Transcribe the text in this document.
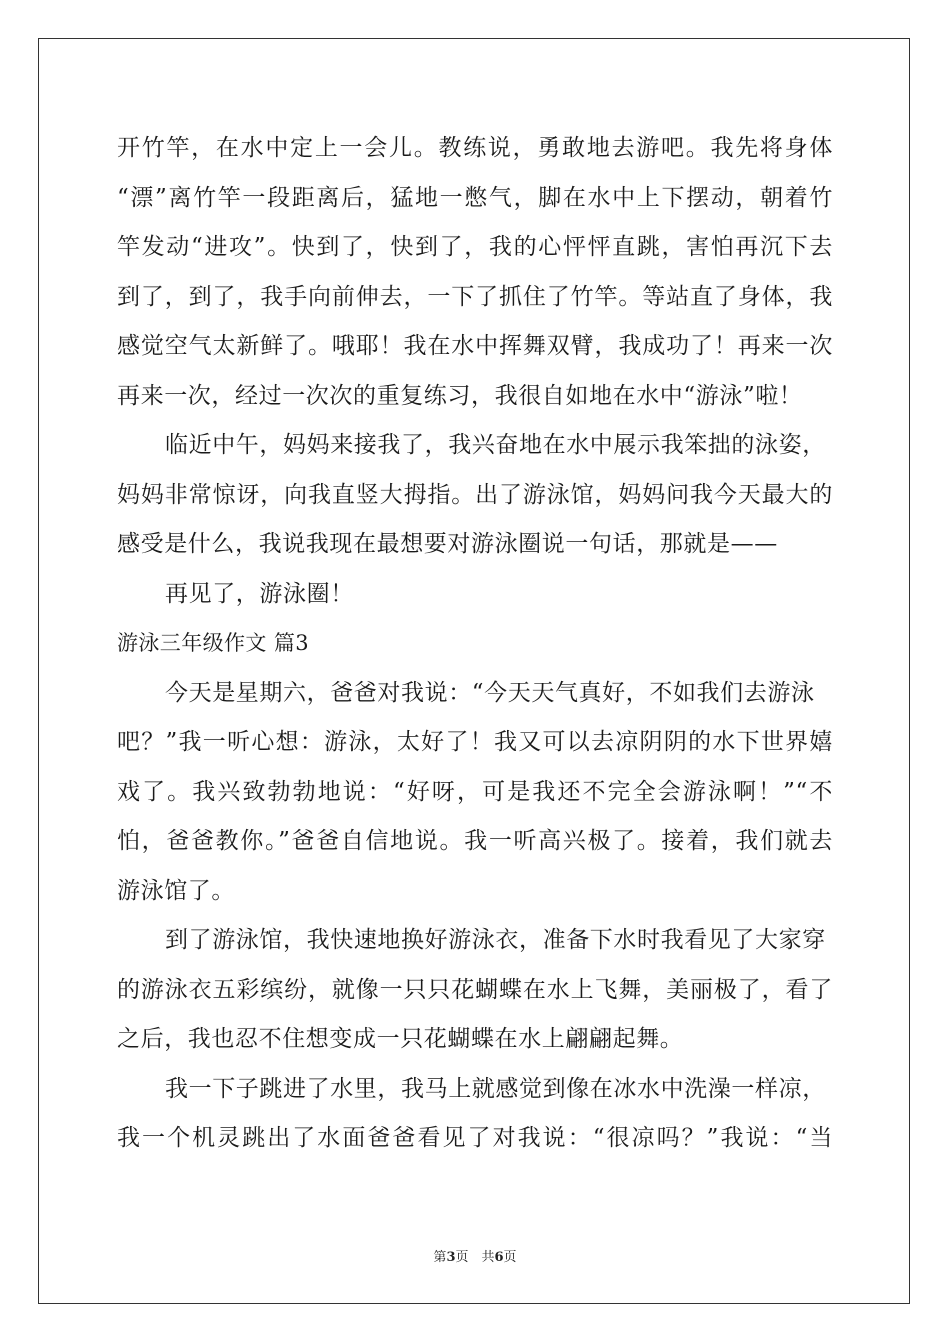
开竹竿，在水中定上一会儿。教练说，勇敢地去游吧。我先将身体
“漂”离竹竿一段距离后，猛地一憋气，脚在水中上下摆动，朝着竹
竿发动“进攻”。快到了，快到了，我的心怦怦直跳，害怕再沉下去
到了，到了，我手向前伸去，一下了抓住了竹竿。等站直了身体，我
感觉空气太新鲜了。哦耶！我在水中挥舞双臂，我成功了！再来一次
再来一次，经过一次次的重复练习，我很自如地在水中“游泳”啦！
临近中午，妈妈来接我了，我兴奋地在水中展示我笨拙的泳姿，
妈妈非常惊讶，向我直竖大拇指。出了游泳馆，妈妈问我今天最大的
感受是什么，我说我现在最想要对游泳圈说一句话，那就是——
再见了，游泳圈！
游泳三年级作文 篇3
今天是星期六，爸爸对我说：“今天天气真好，不如我们去游泳
吧？”我一听心想：游泳，太好了！我又可以去凉阴阴的水下世界嬉
戏了。我兴致勃勃地说：“好呀，可是我还不完全会游泳啊！”“不
怕，爸爸教你。”爸爸自信地说。我一听高兴极了。接着，我们就去
游泳馆了。
到了游泳馆，我快速地换好游泳衣，准备下水时我看见了大家穿
的游泳衣五彩缤纷，就像一只只花蝴蝶在水上飞舞，美丽极了，看了
之后，我也忍不住想变成一只花蝴蝶在水上翩翩起舞。
我一下子跳进了水里，我马上就感觉到像在冰水中洗澡一样凉，
我一个机灵跳出了水面爸爸看见了对我说：“很凉吗？”我说：“当
第3页　共6页
